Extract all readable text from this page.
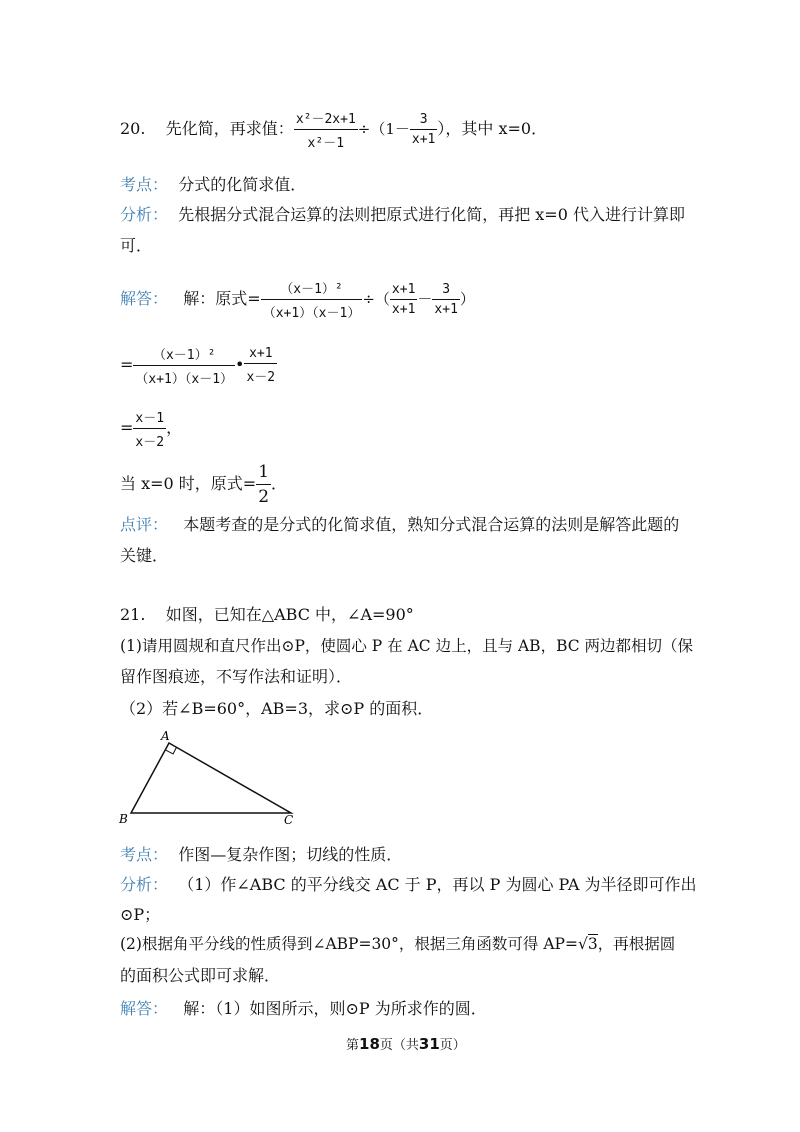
20. 先化简，再求值： $\frac{\text{x²－2x+1}}{\text{x²－1}} \div(1- \frac{3}{x+1}$ ），其中 x=0．
考点： 分式的化简求值．
分析： 先根据分式混合运算的法则把原式进行化简，再把 x=0 代入进行计算即
可．
解答： 解：原式= $\frac{\text{（x－1）²}}{(x+1)(x-1)}$ ÷（ $\frac{x+1}{x+1} - \frac{3}{x+1}$ ）
= $\frac{\text{（x－1）²}}{(x+1)(x-1)}$ • $\frac{x+1}{x-2}$
= $\frac{x-1}{x-2}$ ，
当 x=0 时，原式= $\frac{1}{2}$ ．
点评： 本题考查的是分式的化简求值，熟知分式混合运算的法则是解答此题的
关键．
21. 如图，已知在△ABC 中，∠A=90°
(1)请用圆规和直尺作出⊙P，使圆心 P 在 AC 边上，且与 AB，BC 两边都相切（保
留作图痕迹，不写作法和证明）．
（2）若∠B=60°，AB=3，求⊙P 的面积．
A
B	C
考点： 作图—复杂作图；切线的性质．
分析： （1）作∠ABC 的平分线交 AC 于 P，再以 P 为圆心 PA 为半径即可作出
⊙P；
(2)根据角平分线的性质得到∠ABP=30°，根据三角函数可得 AP=√3，再根据圆
的面积公式即可求解．
解答： 解：（1）如图所示，则⊙P 为所求作的圆．
第18页（共31页）
